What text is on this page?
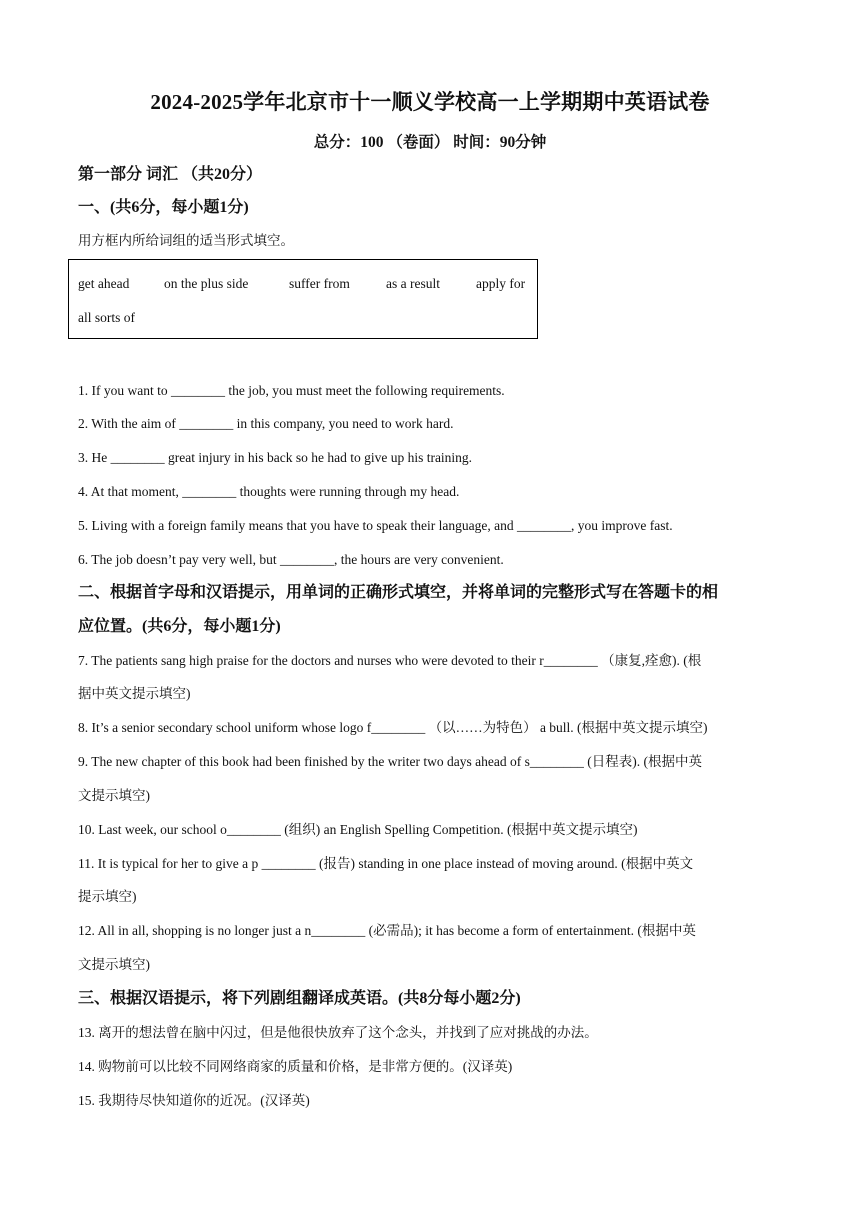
2024-2025学年北京市十一顺义学校高一上学期期中英语试卷
总分：100 （卷面） 时间：90分钟
第一部分 词汇 （共20分）
一、(共6分，每小题1分)
用方框内所给词组的适当形式填空。
get ahead	on the plus side	suffer from	as a result	apply for
all sorts of
1. If you want to ________ the job, you must meet the following requirements.
2. With the aim of ________ in this company, you need to work hard.
3. He ________ great injury in his back so he had to give up his training.
4. At that moment, ________ thoughts were running through my head.
5. Living with a foreign family means that you have to speak their language, and ________, you improve fast.
6. The job doesn’t pay very well, but ________, the hours are very convenient.
二、根据首字母和汉语提示，用单词的正确形式填空，并将单词的完整形式写在答题卡的相
应位置。(共6分，每小题1分)
7. The patients sang high praise for the doctors and nurses who were devoted to their r________ （康复,痊愈). (根
据中英文提示填空)
8. It’s a senior secondary school uniform whose logo f________ （以……为特色） a bull. (根据中英文提示填空)
9. The new chapter of this book had been finished by the writer two days ahead of s________ (日程表). (根据中英
文提示填空)
10. Last week, our school o________ (组织) an English Spelling Competition. (根据中英文提示填空)
11. It is typical for her to give a p ________ (报告) standing in one place instead of moving around. (根据中英文
提示填空)
12. All in all, shopping is no longer just a n________ (必需品); it has become a form of entertainment. (根据中英
文提示填空)
三、根据汉语提示，将下列剧组翻译成英语。(共8分每小题2分)
13. 离开的想法曾在脑中闪过，但是他很快放弃了这个念头，并找到了应对挑战的办法。
14. 购物前可以比较不同网络商家的质量和价格，是非常方便的。(汉译英)
15. 我期待尽快知道你的近况。(汉译英)
